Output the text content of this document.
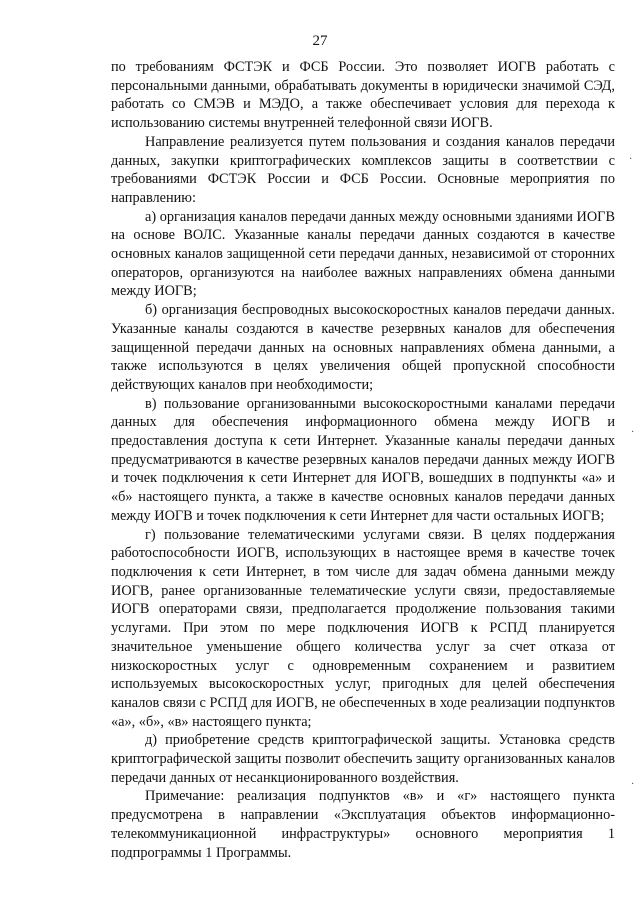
27

по требованиям ФСТЭК и ФСБ России. Это позволяет ИОГВ работать с персональными данными, обрабатывать документы в юридически значимой СЭД, работать со СМЭВ и МЭДО, а также обеспечивает условия для перехода к использованию системы внутренней телефонной связи ИОГВ.

Направление реализуется путем пользования и создания каналов передачи данных, закупки криптографических комплексов защиты в соответствии с требованиями ФСТЭК России и ФСБ России. Основные мероприятия по направлению:

а) организация каналов передачи данных между основными зданиями ИОГВ на основе ВОЛС. Указанные каналы передачи данных создаются в качестве основных каналов защищенной сети передачи данных, независимой от сторонних операторов, организуются на наиболее важных направлениях обмена данными между ИОГВ;

б) организация беспроводных высокоскоростных каналов передачи данных. Указанные каналы создаются в качестве резервных каналов для обеспечения защищенной передачи данных на основных направлениях обмена данными, а также используются в целях увеличения общей пропускной способности действующих каналов при необходимости;

в) пользование организованными высокоскоростными каналами передачи данных для обеспечения информационного обмена между ИОГВ и предоставления доступа к сети Интернет. Указанные каналы передачи данных предусматриваются в качестве резервных каналов передачи данных между ИОГВ и точек подключения к сети Интернет для ИОГВ, вошедших в подпункты «а» и «б» настоящего пункта, а также в качестве основных каналов передачи данных между ИОГВ и точек подключения к сети Интернет для части остальных ИОГВ;

г) пользование телематическими услугами связи. В целях поддержания работоспособности ИОГВ, использующих в настоящее время в качестве точек подключения к сети Интернет, в том числе для задач обмена данными между ИОГВ, ранее организованные телематические услуги связи, предоставляемые ИОГВ операторами связи, предполагается продолжение пользования такими услугами. При этом по мере подключения ИОГВ к РСПД планируется значительное уменьшение общего количества услуг за счет отказа от низкоскоростных услуг с одновременным сохранением и развитием используемых высокоскоростных услуг, пригодных для целей обеспечения каналов связи с РСПД для ИОГВ, не обеспеченных в ходе реализации подпунктов «а», «б», «в» настоящего пункта;

д) приобретение средств криптографической защиты. Установка средств криптографической защиты позволит обеспечить защиту организованных каналов передачи данных от несанкционированного воздействия.

Примечание: реализация подпунктов «в» и «г» настоящего пункта предусмотрена в направлении «Эксплуатация объектов информационно-телекоммуникационной инфраструктуры» основного мероприятия 1 подпрограммы 1 Программы.

·
·
·
